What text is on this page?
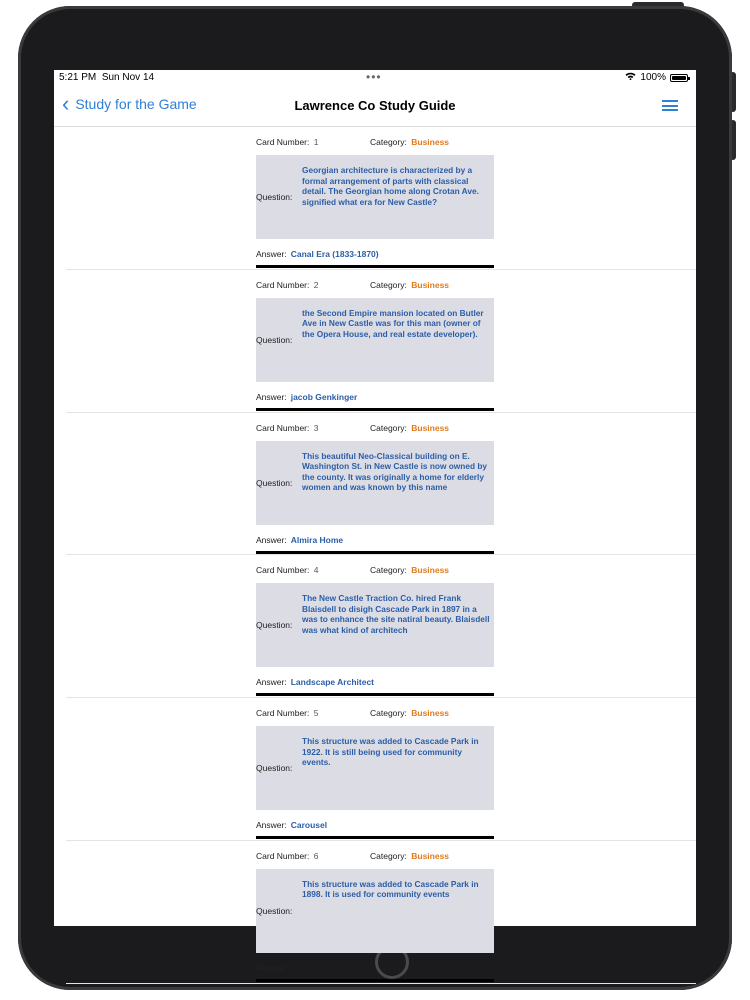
5:21 PM Sun Nov 14	•••	100%
‹ Study for the Game	Lawrence Co Study Guide
Card Number: 1	Category: Business
Question:
Georgian architecture is characterized by a formal arrangement of parts with classical detail. The Georgian home along Crotan Ave. signified what era for New Castle?
Answer: Canal Era (1833-1870)
Card Number: 2	Category: Business
Question:
the Second Empire mansion located on Butler Ave in New Castle was for this man (owner of the Opera House, and real estate developer).
Answer: jacob Genkinger
Card Number: 3	Category: Business
Question:
This beautiful Neo-Classical building on E. Washington St. in New Castle is now owned by the county. It was originally a home for elderly women and was known by this name
Answer: Almira Home
Card Number: 4	Category: Business
Question:
The New Castle Traction Co. hired Frank Blaisdell to disigh Cascade Park in 1897 in a was to enhance the site natiral beauty. Blaisdell was what kind of architech
Answer: Landscape Architect
Card Number: 5	Category: Business
Question:
This structure was added to Cascade Park in 1922. It is still being used for community events.
Answer: Carousel
Card Number: 6	Category: Business
Question:
This structure was added to Cascade Park in 1898. It is used for community events
Answer:
